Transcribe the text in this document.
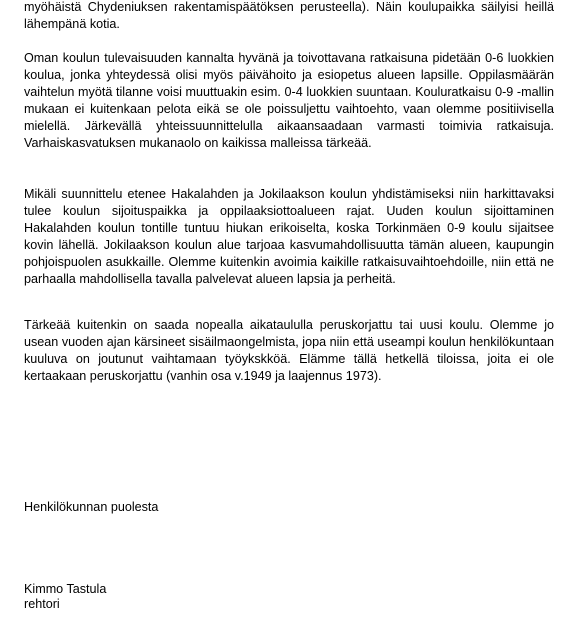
myöhäistä Chydeniuksen rakentamispäätöksen perusteella). Näin koulupaikka säilyisi heillä lähempänä kotia.

Oman koulun tulevaisuuden kannalta hyvänä ja toivottavana ratkaisuna pidetään 0-6 luokkien koulua, jonka yhteydessä olisi myös päivähoito ja esiopetus alueen lapsille. Oppilasmäärän vaihtelun myötä tilanne voisi muuttuakin esim. 0-4 luokkien suuntaan. Kouluratkaisu 0-9 -mallin mukaan ei kuitenkaan pelota eikä se ole poissuljettu vaihtoehto, vaan olemme positiivisella mielellä. Järkevällä yhteissuunnittelulla aikaansaadaan varmasti toimivia ratkaisuja. Varhaiskasvatuksen mukanaolo on kaikissa malleissa tärkeää.

Mikäli suunnittelu etenee Hakalahden ja Jokilaakson koulun yhdistämiseksi niin harkittavaksi tulee koulun sijoituspaikka ja oppilaaksiottoalueen rajat. Uuden koulun sijoittaminen Hakalahden koulun tontille tuntuu hiukan erikoiselta, koska Torkinmäen 0-9 koulu sijaitsee kovin lähellä. Jokilaakson koulun alue tarjoaa kasvumahdollisuutta tämän alueen, kaupungin pohjoispuolen asukkaille. Olemme kuitenkin avoimia kaikille ratkaisuvaihtoehdoille, niin että ne parhaalla mahdollisella tavalla palvelevat alueen lapsia ja perheitä.

Tärkeää kuitenkin on saada nopealla aikataululla peruskorjattu tai uusi koulu. Olemme jo usean vuoden ajan kärsineet sisäilmaongelmista, jopa niin että useampi koulun henkilökuntaan kuuluva on joutunut vaihtamaan työykskköä. Elämme tällä hetkellä tiloissa, joita ei ole kertaakaan peruskorjattu (vanhin osa v.1949 ja laajennus 1973).

Henkilökunnan puolesta

Kimmo Tastula
rehtori
